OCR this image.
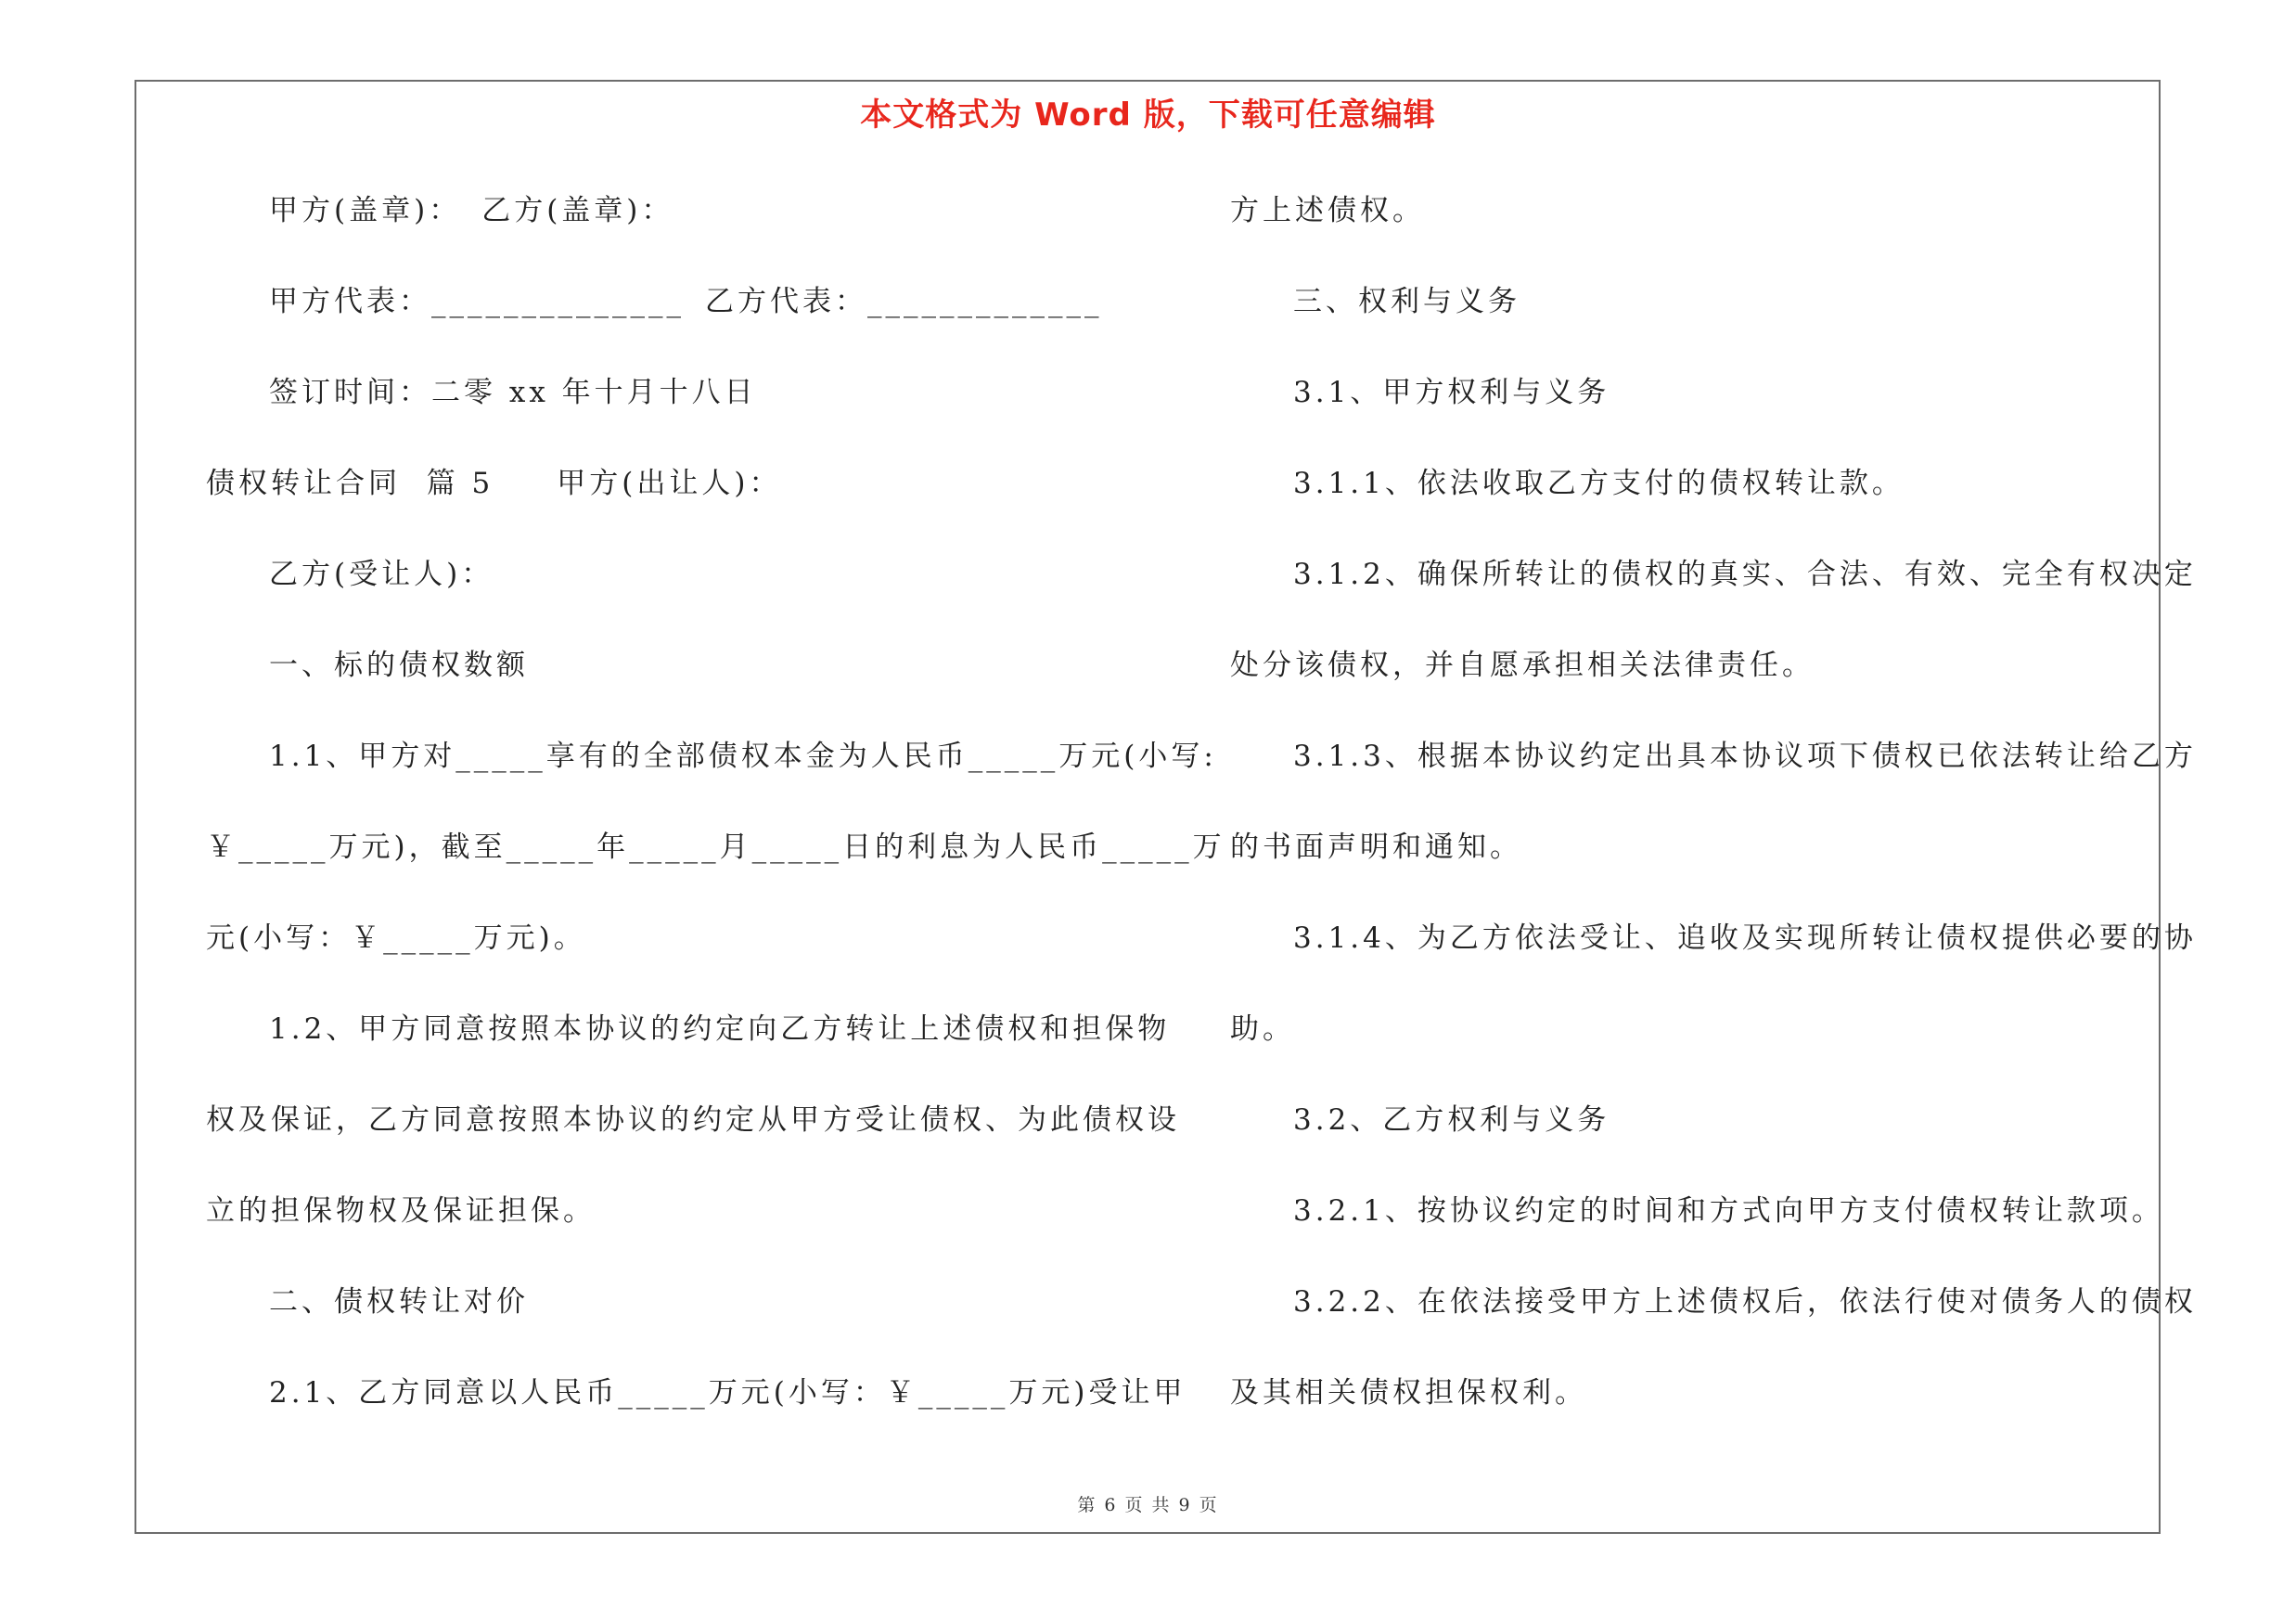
本文格式为 Word 版，下载可任意编辑
甲方(盖章)： 乙方(盖章)：
甲方代表：______________ 乙方代表：_____________
签订时间：二零 xx 年十月十八日
债权转让合同  篇 5 甲方(出让人)：
乙方(受让人)：
一、标的债权数额
1.1、甲方对_____享有的全部债权本金为人民币_____万元(小写:
￥_____万元)，截至_____年_____月_____日的利息为人民币_____万
元(小写：￥_____万元)。
1.2、甲方同意按照本协议的约定向乙方转让上述债权和担保物
权及保证，乙方同意按照本协议的约定从甲方受让债权、为此债权设
立的担保物权及保证担保。
二、债权转让对价
2.1、乙方同意以人民币_____万元(小写：￥_____万元)受让甲
方上述债权。
三、权利与义务
3.1、甲方权利与义务
3.1.1、依法收取乙方支付的债权转让款。
3.1.2、确保所转让的债权的真实、合法、有效、完全有权决定
处分该债权，并自愿承担相关法律责任。
3.1.3、根据本协议约定出具本协议项下债权已依法转让给乙方
的书面声明和通知。
3.1.4、为乙方依法受让、追收及实现所转让债权提供必要的协
助。
3.2、乙方权利与义务
3.2.1、按协议约定的时间和方式向甲方支付债权转让款项。
3.2.2、在依法接受甲方上述债权后，依法行使对债务人的债权
及其相关债权担保权利。
第 6 页 共 9 页
